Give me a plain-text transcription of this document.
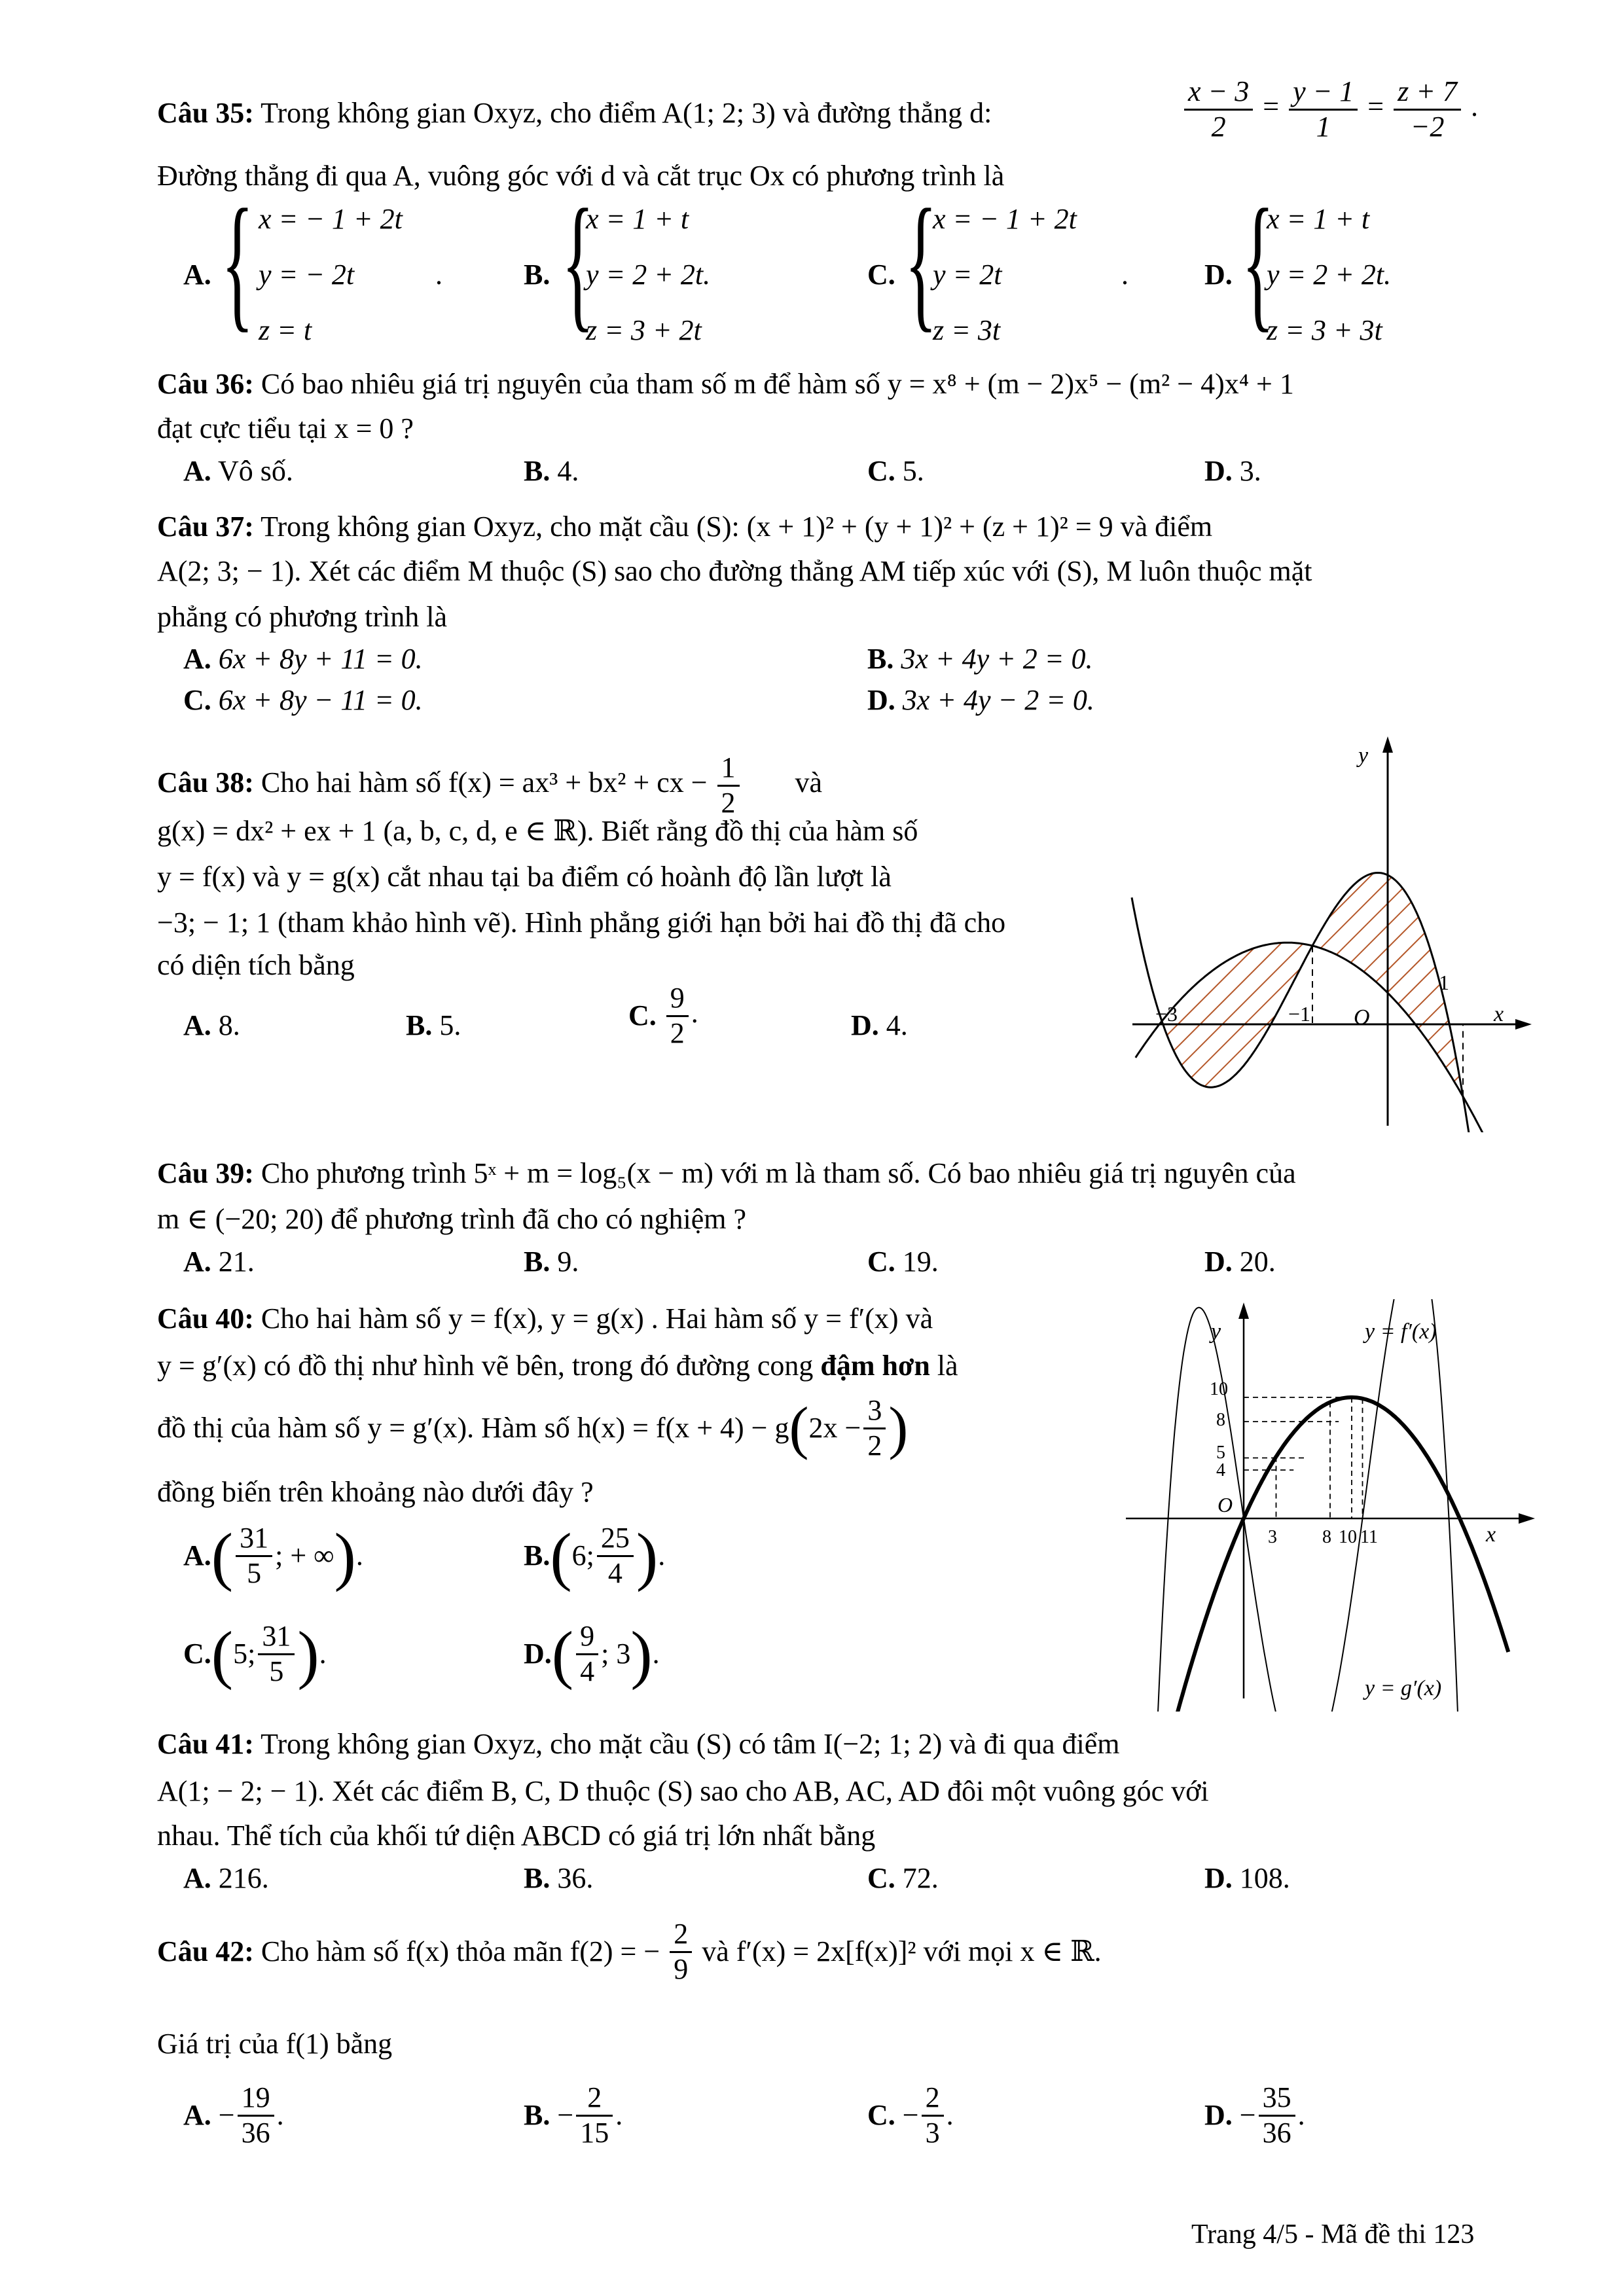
Câu 35: Trong không gian Oxyz, cho điểm A(1; 2; 3) và đường thẳng d:	$\frac{x - 3}{2} = \frac{y - 1}{1} = \frac{z + 7}{-2}$ .
Đường thẳng đi qua A, vuông góc với d và cắt trục Ox có phương trình là
A. { x = − 1 + 2t
y = − 2t
z = t
.	B. {
x = 1 + t
y = 2 + 2t.
z = 3 + 2t
C. {
x = − 1 + 2t
y = 2t
z = 3t
.	D. {
x = 1 + t
y = 2 + 2t.
z = 3 + 3t
Câu 36: Có bao nhiêu giá trị nguyên của tham số m để hàm số y = x⁸ + (m − 2)x⁵ − (m² − 4)x⁴ + 1
đạt cực tiểu tại x = 0 ?
A. Vô số.	B. 4.	C. 5.	D. 3.
Câu 37: Trong không gian Oxyz, cho mặt cầu (S): (x + 1)² + (y + 1)² + (z + 1)² = 9 và điểm
A(2; 3; − 1). Xét các điểm M thuộc (S) sao cho đường thẳng AM tiếp xúc với (S), M luôn thuộc mặt
phẳng có phương trình là
A. 6x + 8y + 11 = 0.	B. 3x + 4y + 2 = 0.
C. 6x + 8y − 11 = 0.	D. 3x + 4y − 2 = 0.
Câu 38: Cho hai hàm số f(x) = ax³ + bx² + cx − $\frac{1}{2}$ và
g(x) = dx² + ex + 1 (a, b, c, d, e ∈ ℝ). Biết rằng đồ thị của hàm số
y = f(x) và y = g(x) cắt nhau tại ba điểm có hoành độ lần lượt là
−3; − 1; 1 (tham khảo hình vẽ). Hình phẳng giới hạn bởi hai đồ thị đã cho
có diện tích bằng
A. 8.	B. 5.	C. $\frac{9}{2}$ .	D. 4.
y
x
O
−3	−1
1
Câu 39: Cho phương trình 5ˣ + m = log₅(x − m) với m là tham số. Có bao nhiêu giá trị nguyên của
m ∈ (−20; 20) để phương trình đã cho có nghiệm ?
A. 21.	B. 9.	C. 19.	D. 20.
Câu 40: Cho hai hàm số y = f(x), y = g(x) . Hai hàm số y = f′(x) và
y = g′(x) có đồ thị như hình vẽ bên, trong đó đường cong đậm hơn là
đồ thị của hàm số y = g′(x). Hàm số $h(x) = f(x + 4) - g(2x - \frac{3}{2}$ )
đồng biến trên khoảng nào dưới đây ?
$A.( \frac{31}{5}$ ; + ∞).	B.(6; $\frac{25}{4}$ ).
C.(5; $\frac{31}{5}$ ).	$D.( \frac{9}{4}$ ; 3).
y
x
O
y = f′(x)
y = g′(x)
10
8
5
4
3 8 10 11
Câu 41: Trong không gian Oxyz, cho mặt cầu (S) có tâm I(−2; 1; 2) và đi qua điểm
A(1; − 2; − 1). Xét các điểm B, C, D thuộc (S) sao cho AB, AC, AD đôi một vuông góc với
nhau. Thể tích của khối tứ diện ABCD có giá trị lớn nhất bằng
A. 216.	B. 36.	C. 72.	D. 108.
Câu 42: Cho hàm số f(x) thỏa mãn f(2) = − $\frac{2}{9}$ và f′(x) = 2x[f(x)]² với mọi x ∈ ℝ.
Giá trị của f(1) bằng
A. − $\frac{19}{36}$ .	B. − $\frac{2}{15}$ .	C. − $\frac{2}{3}$ .	D. − $\frac{35}{36}$ .
Trang 4/5 - Mã đề thi 123
